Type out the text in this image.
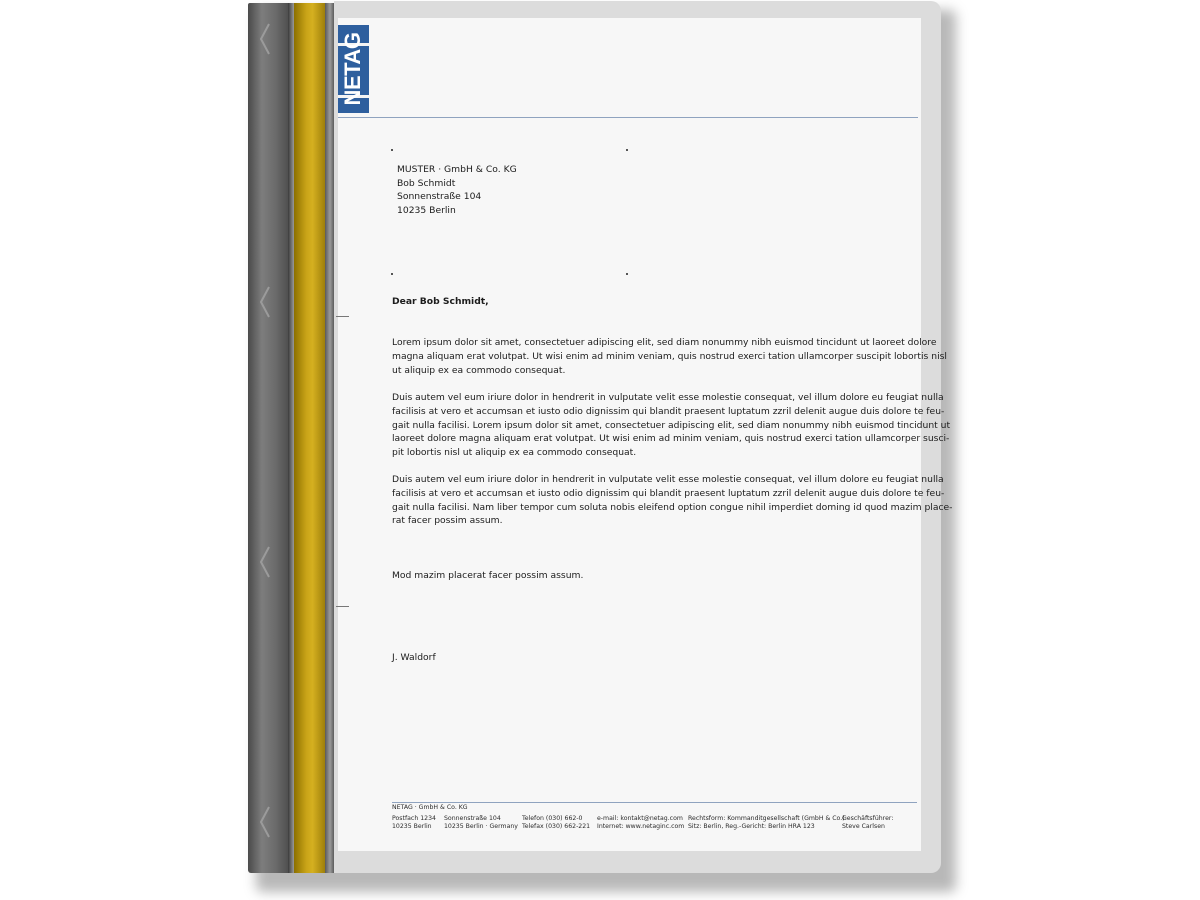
NETAG
MUSTER · GmbH & Co. KG
Bob Schmidt
Sonnenstraße 104
10235 Berlin
Dear Bob Schmidt,
Lorem ipsum dolor sit amet, consectetuer adipiscing elit, sed diam nonummy nibh euismod tincidunt ut laoreet dolore
magna aliquam erat volutpat. Ut wisi enim ad minim veniam, quis nostrud exerci tation ullamcorper suscipit lobortis nisl
ut aliquip ex ea commodo consequat.
Duis autem vel eum iriure dolor in hendrerit in vulputate velit esse molestie consequat, vel illum dolore eu feugiat nulla
facilisis at vero et accumsan et iusto odio dignissim qui blandit praesent luptatum zzril delenit augue duis dolore te feu-
gait nulla facilisi. Lorem ipsum dolor sit amet, consectetuer adipiscing elit, sed diam nonummy nibh euismod tincidunt ut
laoreet dolore magna aliquam erat volutpat. Ut wisi enim ad minim veniam, quis nostrud exerci tation ullamcorper susci-
pit lobortis nisl ut aliquip ex ea commodo consequat.
Duis autem vel eum iriure dolor in hendrerit in vulputate velit esse molestie consequat, vel illum dolore eu feugiat nulla
facilisis at vero et accumsan et iusto odio dignissim qui blandit praesent luptatum zzril delenit augue duis dolore te feu-
gait nulla facilisi. Nam liber tempor cum soluta nobis eleifend option congue nihil imperdiet doming id quod mazim place-
rat facer possim assum.
Mod mazim placerat facer possim assum.
J. Waldorf
NETAG · GmbH & Co. KG
Postfach 1234
10235 Berlin
Sonnenstraße 104
10235 Berlin · Germany
Telefon (030) 662-0
Telefax (030) 662-221
e-mail: kontakt@netag.com
Internet: www.netaginc.com
Rechtsform: Kommanditgesellschaft (GmbH & Co.)
Sitz: Berlin, Reg.-Gericht: Berlin HRA 123
Geschäftsführer:
Steve Carlsen
